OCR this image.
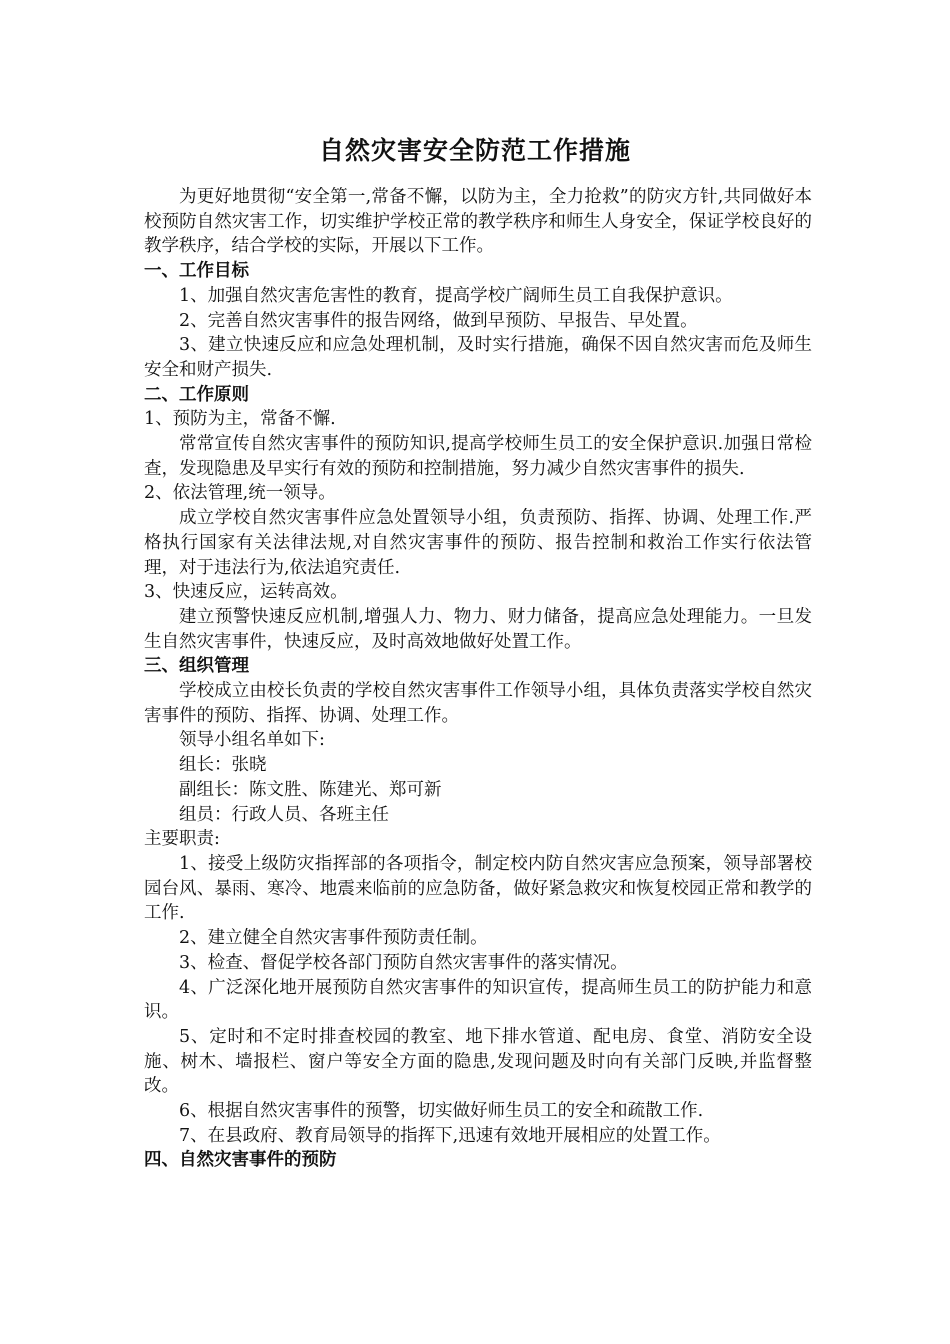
自然灾害安全防范工作措施

为更好地贯彻“安全第一,常备不懈，以防为主，全力抢救”的防灾方针,共同做好本校预防自然灾害工作，切实维护学校正常的教学秩序和师生人身安全，保证学校良好的教学秩序，结合学校的实际，开展以下工作。

一、工作目标

1、加强自然灾害危害性的教育，提高学校广阔师生员工自我保护意识。

2、完善自然灾害事件的报告网络，做到早预防、早报告、早处置。

3、建立快速反应和应急处理机制，及时实行措施，确保不因自然灾害而危及师生安全和财产损失.

二、工作原则

1、预防为主，常备不懈.

常常宣传自然灾害事件的预防知识,提高学校师生员工的安全保护意识.加强日常检查，发现隐患及早实行有效的预防和控制措施，努力减少自然灾害事件的损失.

2、依法管理,统一领导。

成立学校自然灾害事件应急处置领导小组，负责预防、指挥、协调、处理工作.严格执行国家有关法律法规,对自然灾害事件的预防、报告控制和救治工作实行依法管理，对于违法行为,依法追究责任.

3、快速反应，运转高效。

建立预警快速反应机制,增强人力、物力、财力储备，提高应急处理能力。一旦发生自然灾害事件，快速反应，及时高效地做好处置工作。

三、组织管理

学校成立由校长负责的学校自然灾害事件工作领导小组，具体负责落实学校自然灾害事件的预防、指挥、协调、处理工作。

领导小组名单如下:

组长：张晓

副组长：陈文胜、陈建光、郑可新

组员：行政人员、各班主任

主要职责:

1、接受上级防灾指挥部的各项指令，制定校内防自然灾害应急预案，领导部署校园台风、暴雨、寒冷、地震来临前的应急防备，做好紧急救灾和恢复校园正常和教学的工作.

2、建立健全自然灾害事件预防责任制。

3、检查、督促学校各部门预防自然灾害事件的落实情况。

4、广泛深化地开展预防自然灾害事件的知识宣传，提高师生员工的防护能力和意识。

5、定时和不定时排查校园的教室、地下排水管道、配电房、食堂、消防安全设施、树木、墙报栏、窗户等安全方面的隐患,发现问题及时向有关部门反映,并监督整改。

6、根据自然灾害事件的预警，切实做好师生员工的安全和疏散工作.

7、在县政府、教育局领导的指挥下,迅速有效地开展相应的处置工作。

四、自然灾害事件的预防
